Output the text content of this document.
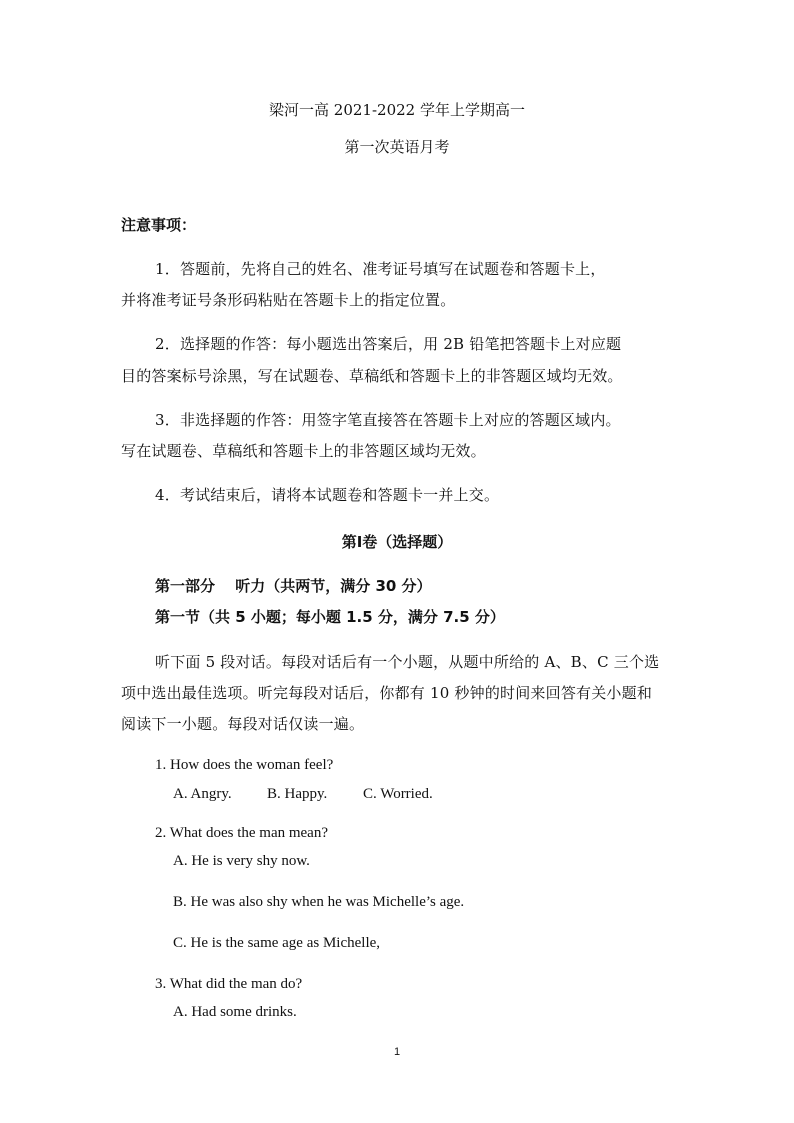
梁河一高 2021-2022 学年上学期高一
第一次英语月考
注意事项：
1．答题前，先将自己的姓名、准考证号填写在试题卷和答题卡上，
并将准考证号条形码粘贴在答题卡上的指定位置。
2．选择题的作答：每小题选出答案后，用 2B 铅笔把答题卡上对应题
目的答案标号涂黑，写在试题卷、草稿纸和答题卡上的非答题区域均无效。
3．非选择题的作答：用签字笔直接答在答题卡上对应的答题区域内。
写在试题卷、草稿纸和答题卡上的非答题区域均无效。
4．考试结束后，请将本试题卷和答题卡一并上交。
第Ⅰ卷（选择题）
第一部分　 听力（共两节，满分 30 分）
第一节（共 5 小题；每小题 1.5 分，满分 7.5 分）
听下面 5 段对话。每段对话后有一个小题，从题中所给的 A、B、C 三个选
项中选出最佳选项。听完每段对话后，你都有 10 秒钟的时间来回答有关小题和
阅读下一小题。每段对话仅读一遍。
1. How does the woman feel?
A. Angry. B. Happy. C. Worried.
2. What does the man mean?
A. He is very shy now.
B. He was also shy when he was Michelle’s age.
C. He is the same age as Michelle,
3. What did the man do?
A. Had some drinks.
1
